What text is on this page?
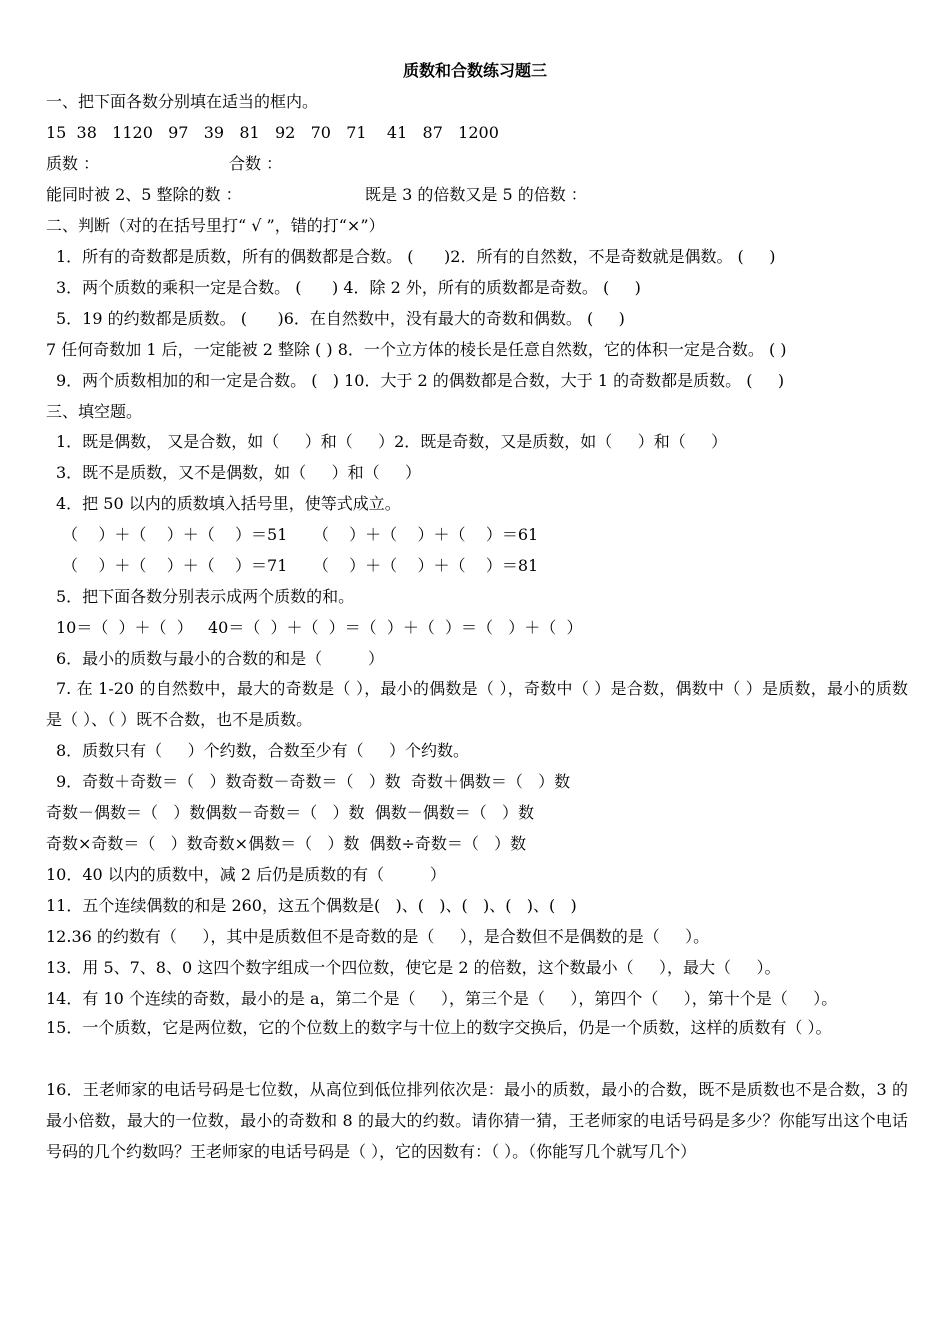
质数和合数练习题三
一、把下面各数分别填在适当的框内。
15  38   1120   97   39   81   92   70   71    41   87   1200
质数 ：	合数 ：
能同时被 2、5 整除的数 ：	既是 3 的倍数又是 5 的倍数 ：
二、判断（对的在括号里打“ √ ”，错的打“×”）
1．所有的奇数都是质数，所有的偶数都是合数。 (      )2．所有的自然数，不是奇数就是偶数。 (     )
3．两个质数的乘积一定是合数。 (      ) 4．除 2 外，所有的质数都是奇数。 (     )
5．19 的约数都是质数。 (      )6．在自然数中，没有最大的奇数和偶数。 (     )
7 任何奇数加 1 后，一定能被 2 整除 ( ) 8．一个立方体的棱长是任意自然数，它的体积一定是合数。 ( )
9．两个质数相加的和一定是合数。 (   ) 10．大于 2 的偶数都是合数，大于 1 的奇数都是质数。 (     )
三、填空题。
1．既是偶数， 又是合数，如（     ）和（     ）2．既是奇数，又是质数，如（     ）和（     ）
3．既不是质数，又不是偶数，如（     ）和（     ）
4．把 50 以内的质数填入括号里，使等式成立。
（    ）＋（    ）＋（    ）＝51     （    ）＋（    ）＋（    ）＝61
（    ）＋（    ）＋（    ）＝71     （    ）＋（    ）＋（    ）＝81
5．把下面各数分别表示成两个质数的和。
10＝（  ）＋（  ）   40＝（  ）＋（  ）＝（  ）＋（  ）＝（   ）＋（  ）
6．最小的质数与最小的合数的和是（         ）
7. 在 1-20 的自然数中，最大的奇数是（ ），最小的偶数是（ ），奇数中（ ）是合数，偶数中（ ）是质数，最小的质数是（ ）、（ ）既不合数，也不是质数。
8．质数只有（     ）个约数，合数至少有（     ）个约数。
9．奇数＋奇数＝（   ）数奇数－奇数＝（   ）数  奇数＋偶数＝（   ）数
奇数－偶数＝（   ）数偶数－奇数＝（   ）数  偶数－偶数＝（   ）数
奇数×奇数＝（   ）数奇数×偶数＝（   ）数  偶数÷奇数＝（   ）数
10．40 以内的质数中，减 2 后仍是质数的有（         ）
11．五个连续偶数的和是 260，这五个偶数是(   )、(   )、(   )、(   )、(   )
12.36 的约数有（     ），其中是质数但不是奇数的是（     ），是合数但不是偶数的是（     ）。
13．用 5、7、8、0 这四个数字组成一个四位数，使它是 2 的倍数，这个数最小（     ），最大（     ）。
14．有 10 个连续的奇数，最小的是 a，第二个是（     ），第三个是（     ），第四个（     ），第十个是（     ）。
15．一个质数，它是两位数，它的个位数上的数字与十位上的数字交换后，仍是一个质数，这样的质数有（ ）。
16．王老师家的电话号码是七位数，从高位到低位排列依次是：最小的质数，最小的合数，既不是质数也不是合数，3 的最小倍数，最大的一位数，最小的奇数和 8 的最大的约数。请你猜一猜，王老师家的电话号码是多少？你能写出这个电话号码的几个约数吗？王老师家的电话号码是（ ），它的因数有：（ ）。（你能写几个就写几个）
